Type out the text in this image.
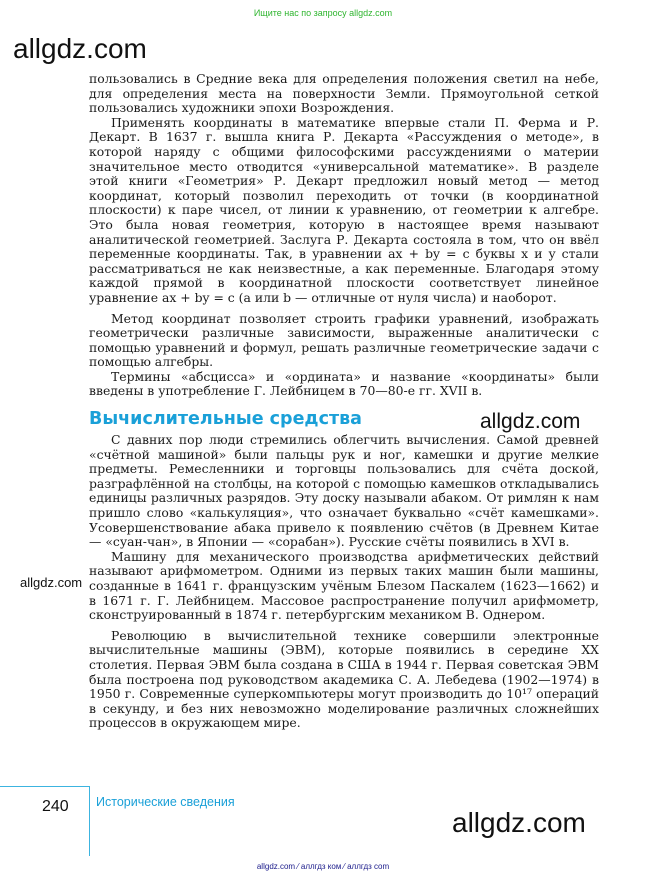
Ищите нас по запросу allgdz.com
allgdz.com
allgdz.com
allgdz.com
allgdz.com

пользовались в Средние века для определения положения светил на небе, для определения места на поверхности Земли. Прямоугольной сеткой пользовались художники эпохи Возрождения.

Применять координаты в математике впервые стали П. Ферма и Р. Декарт. В 1637 г. вышла книга Р. Декарта «Рассуждения о методе», в которой наряду с общими философскими рассуждениями о материи значительное место отводится «универсальной математике». В разделе этой книги «Геометрия» Р. Декарт предложил новый метод — метод координат, который позволил переходить от точки (в координатной плоскости) к паре чисел, от линии к уравнению, от геометрии к алгебре. Это была новая геометрия, которую в настоящее время называют аналитической геометрией. Заслуга Р. Декарта состояла в том, что он ввёл переменные координаты. Так, в уравнении ax + by = c буквы x и y стали рассматриваться не как неизвестные, а как переменные. Благодаря этому каждой прямой в координатной плоскости соответствует линейное уравнение ax + by = c (a или b — отличные от нуля числа) и наоборот.

Метод координат позволяет строить графики уравнений, изображать геометрически различные зависимости, выраженные аналитически с помощью уравнений и формул, решать различные геометрические задачи с помощью алгебры.

Термины «абсцисса» и «ордината» и название «координаты» были введены в употребление Г. Лейбницем в 70—80-е гг. XVII в.

Вычислительные средства

С давних пор люди стремились облегчить вычисления. Самой древней «счётной машиной» были пальцы рук и ног, камешки и другие мелкие предметы. Ремесленники и торговцы пользовались для счёта доской, разграфлённой на столбцы, на которой с помощью камешков откладывались единицы различных разрядов. Эту доску называли абаком. От римлян к нам пришло слово «калькуляция», что означает буквально «счёт камешками». Усовершенствование абака привело к появлению счётов (в Древнем Китае — «суан-чан», в Японии — «сорабан»). Русские счёты появились в XVI в.

Машину для механического производства арифметических действий называют арифмометром. Одними из первых таких машин были машины, созданные в 1641 г. французским учёным Блезом Паскалем (1623—1662) и в 1671 г. Г. Лейбницем. Массовое распространение получил арифмометр, сконструированный в 1874 г. петербургским механиком В. Однером.

Революцию в вычислительной технике совершили электронные вычислительные машины (ЭВМ), которые появились в середине XX столетия. Первая ЭВМ была создана в США в 1944 г. Первая советская ЭВМ была построена под руководством академика С. А. Лебедева (1902—1974) в 1950 г. Современные суперкомпьютеры могут производить до 10¹⁷ операций в секунду, и без них невозможно моделирование различных сложнейших процессов в окружающем мире.

240 Исторические сведения
allgdz.com ⁄ аллгдз ком ⁄ аллгдз com
